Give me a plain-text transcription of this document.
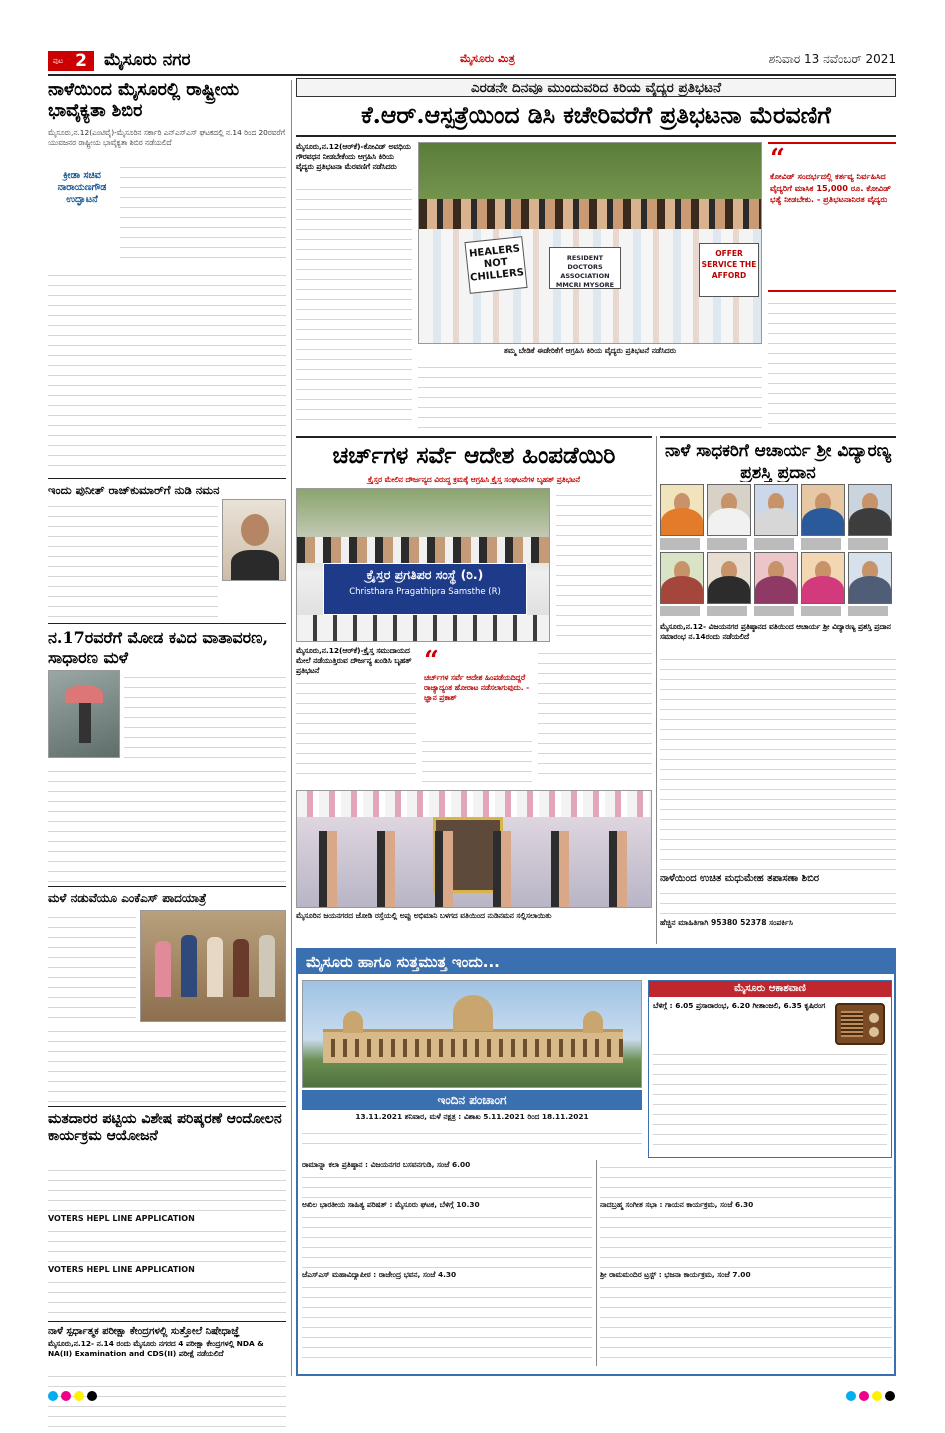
ಪುಟ 2	ಮೈಸೂರು ನಗರ	ಮೈಸೂರು ಮಿತ್ರ	ಶನಿವಾರ 13 ನವೆಂಬರ್ 2021
ನಾಳೆಯಿಂದ ಮೈಸೂರಲ್ಲಿ ರಾಷ್ಟ್ರೀಯ ಭಾವೈಕ್ಯತಾ ಶಿಬಿರ
ಮೈಸೂರು,ನ.12(ಎಂಟಿವೈ)-ಮೈಸೂರಿನ ಸರ್ಕಾರಿ ಎನ್‌ಎಸ್‌ಎಸ್ ಘಟಕದಲ್ಲಿ ನ.14 ರಿಂದ 20ರವರೆಗೆ ಯುವಜನರ ರಾಷ್ಟ್ರೀಯ ಭಾವೈಕ್ಯತಾ ಶಿಬಿರ ನಡೆಯಲಿದೆ
ಕ್ರೀಡಾ ಸಚಿವ ನಾರಾಯಣಗೌಡ ಉದ್ಘಾಟನೆ
ಇಂದು ಪುನೀತ್ ರಾಜ್‌ಕುಮಾರ್‌ಗೆ ನುಡಿ ನಮನ
ನ.17ರವರೆಗೆ ಮೋಡ ಕವಿದ ವಾತಾವರಣ, ಸಾಧಾರಣ ಮಳೆ
ಮಳೆ ನಡುವೆಯೂ ಎಂಕೆಎಸ್ ಪಾದಯಾತ್ರೆ
ಮತದಾರರ ಪಟ್ಟಿಯ ವಿಶೇಷ ಪರಿಷ್ಕರಣೆ ಆಂದೋಲನ ಕಾರ್ಯಕ್ರಮ ಆಯೋಜನೆ
VOTERS HEPL LINE APPLICATION
VOTERS HEPL LINE APPLICATION
ನಾಳೆ ಸ್ಪರ್ಧಾತ್ಮಕ ಪರೀಕ್ಷಾ ಕೇಂದ್ರಗಳಲ್ಲಿ ಸುತ್ತೋಲೆ ನಿಷೇಧಾಜ್ಞೆ
ಮೈಸೂರು,ನ.12- ನ.14 ರಂದು ಮೈಸೂರು ನಗರದ 4 ಪರೀಕ್ಷಾ ಕೇಂದ್ರಗಳಲ್ಲಿ NDA & NA(II) Examination and CDS(II) ಪರೀಕ್ಷೆ ನಡೆಯಲಿದೆ
ಎರಡನೇ ದಿನವೂ ಮುಂದುವರಿದ ಕಿರಿಯ ವೈದ್ಯರ ಪ್ರತಿಭಟನೆ
ಕೆ.ಆರ್.ಆಸ್ಪತ್ರೆಯಿಂದ ಡಿಸಿ ಕಚೇರಿವರೆಗೆ ಪ್ರತಿಭಟನಾ ಮೆರವಣಿಗೆ
ಮೈಸೂರು,ನ.12(ಆರ್‌ಕೆ)-ಕೋವಿಡ್ ಅವಧಿಯ ಗೌರವಧನ ನೀಡಬೇಕೆಂದು ಆಗ್ರಹಿಸಿ ಕಿರಿಯ ವೈದ್ಯರು ಪ್ರತಿಭಟನಾ ಮೆರವಣಿಗೆ ನಡೆಸಿದರು
HEALERS NOT CHILLERS
RESIDENT DOCTORS ASSOCIATION MMCRI MYSORE
OFFER SERVICE THE AFFORD
ತಮ್ಮ ಬೇಡಿಕೆ ಈಡೇರಿಕೆಗೆ ಆಗ್ರಹಿಸಿ ಕಿರಿಯ ವೈದ್ಯರು ಪ್ರತಿಭಟನೆ ನಡೆಸಿದರು
“
ಕೋವಿಡ್ ಸಂದರ್ಭದಲ್ಲಿ ಕರ್ತವ್ಯ ನಿರ್ವಹಿಸಿದ ವೈದ್ಯರಿಗೆ ಮಾಸಿಕ 15,000 ರೂ. ಕೋವಿಡ್ ಭತ್ಯೆ ನೀಡಬೇಕು. - ಪ್ರತಿಭಟನಾನಿರತ ವೈದ್ಯರು
ಚರ್ಚ್‌ಗಳ ಸರ್ವೆ ಆದೇಶ ಹಿಂಪಡೆಯಿರಿ
ಕ್ರೈಸ್ತರ ಮೇಲಿನ ದೌರ್ಜನ್ಯದ ವಿರುದ್ಧ ಕ್ರಮಕ್ಕೆ ಆಗ್ರಹಿಸಿ ಕ್ರೈಸ್ತ ಸಂಘಟನೆಗಳ ಬೃಹತ್ ಪ್ರತಿಭಟನೆ
ಕ್ರೈಸ್ತರ ಪ್ರಗತಿಪರ ಸಂಸ್ಥೆ (ರಿ.)
Christhara Pragathipra Samsthe (R)
ಮೈಸೂರು,ನ.12(ಆರ್‌ಕೆ)-ಕ್ರೈಸ್ತ ಸಮುದಾಯದ ಮೇಲೆ ನಡೆಯುತ್ತಿರುವ ದೌರ್ಜನ್ಯ ಖಂಡಿಸಿ ಬೃಹತ್ ಪ್ರತಿಭಟನೆ	“
ಚರ್ಚ್‌ಗಳ ಸರ್ವೆ ಆದೇಶ ಹಿಂಪಡೆಯದಿದ್ದರೆ ರಾಜ್ಯಾದ್ಯಂತ ಹೋರಾಟ ನಡೆಸಲಾಗುವುದು. - ಜ್ಞಾನ ಪ್ರಕಾಶ್
ಮೈಸೂರಿನ ಜಯನಗರದ ಜೋಡಿ ರಸ್ತೆಯಲ್ಲಿ ಅಪ್ಪು ಅಭಿಮಾನಿ ಬಳಗದ ವತಿಯಿಂದ ನುಡಿನಮನ ಸಲ್ಲಿಸಲಾಯಿತು
ನಾಳೆ ಸಾಧಕರಿಗೆ ಆಚಾರ್ಯ ಶ್ರೀ ವಿದ್ಯಾರಣ್ಯ ಪ್ರಶಸ್ತಿ ಪ್ರದಾನ
ಮೈಸೂರು,ನ.12- ವಿಜಯನಗರ ಪ್ರತಿಷ್ಠಾನದ ವತಿಯಿಂದ ಆಚಾರ್ಯ ಶ್ರೀ ವಿದ್ಯಾರಣ್ಯ ಪ್ರಶಸ್ತಿ ಪ್ರದಾನ ಸಮಾರಂಭ ನ.14ರಂದು ನಡೆಯಲಿದೆ
ನಾಳೆಯಿಂದ ಉಚಿತ ಮಧುಮೇಹ ತಪಾಸಣಾ ಶಿಬಿರ
ಹೆಚ್ಚಿನ ಮಾಹಿತಿಗಾಗಿ 95380 52378 ಸಂಪರ್ಕಿಸಿ
ಮೈಸೂರು ಹಾಗೂ ಸುತ್ತಮುತ್ತ ಇಂದು...
ಇಂದಿನ ಪಂಚಾಂಗ
13.11.2021 ಶನಿವಾರ, ಮಳೆ ನಕ್ಷತ್ರ : ವಿಶಾಖ 5.11.2021 ರಿಂದ 18.11.2021
ಮೈಸೂರು ಆಕಾಶವಾಣಿ
ಬೆಳಿಗ್ಗೆ : 6.05 ಪ್ರಸಾರಾರಂಭ, 6.20 ಗೀತಾಂಜಲಿ, 6.35 ಕೃಷಿರಂಗ
ರಾಮಾನ್ನಾ ಕಲಾ ಪ್ರತಿಷ್ಠಾನ : ವಿಜಯನಗರ ಬಸವನಗುಡಿ, ಸಂಜೆ 6.00
ಅಖಿಲ ಭಾರತೀಯ ಸಾಹಿತ್ಯ ಪರಿಷತ್ : ಮೈಸೂರು ಘಟಕ, ಬೆಳಿಗ್ಗೆ 10.30
ಜೆಎಸ್‌ಎಸ್ ಮಹಾವಿದ್ಯಾಪೀಠ : ರಾಜೇಂದ್ರ ಭವನ, ಸಂಜೆ 4.30
ನಾದಬ್ರಹ್ಮ ಸಂಗೀತ ಸಭಾ : ಗಾಯನ ಕಾರ್ಯಕ್ರಮ, ಸಂಜೆ 6.30
ಶ್ರೀ ರಾಮಮಂದಿರ ಟ್ರಸ್ಟ್ : ಭಜನಾ ಕಾರ್ಯಕ್ರಮ, ಸಂಜೆ 7.00
